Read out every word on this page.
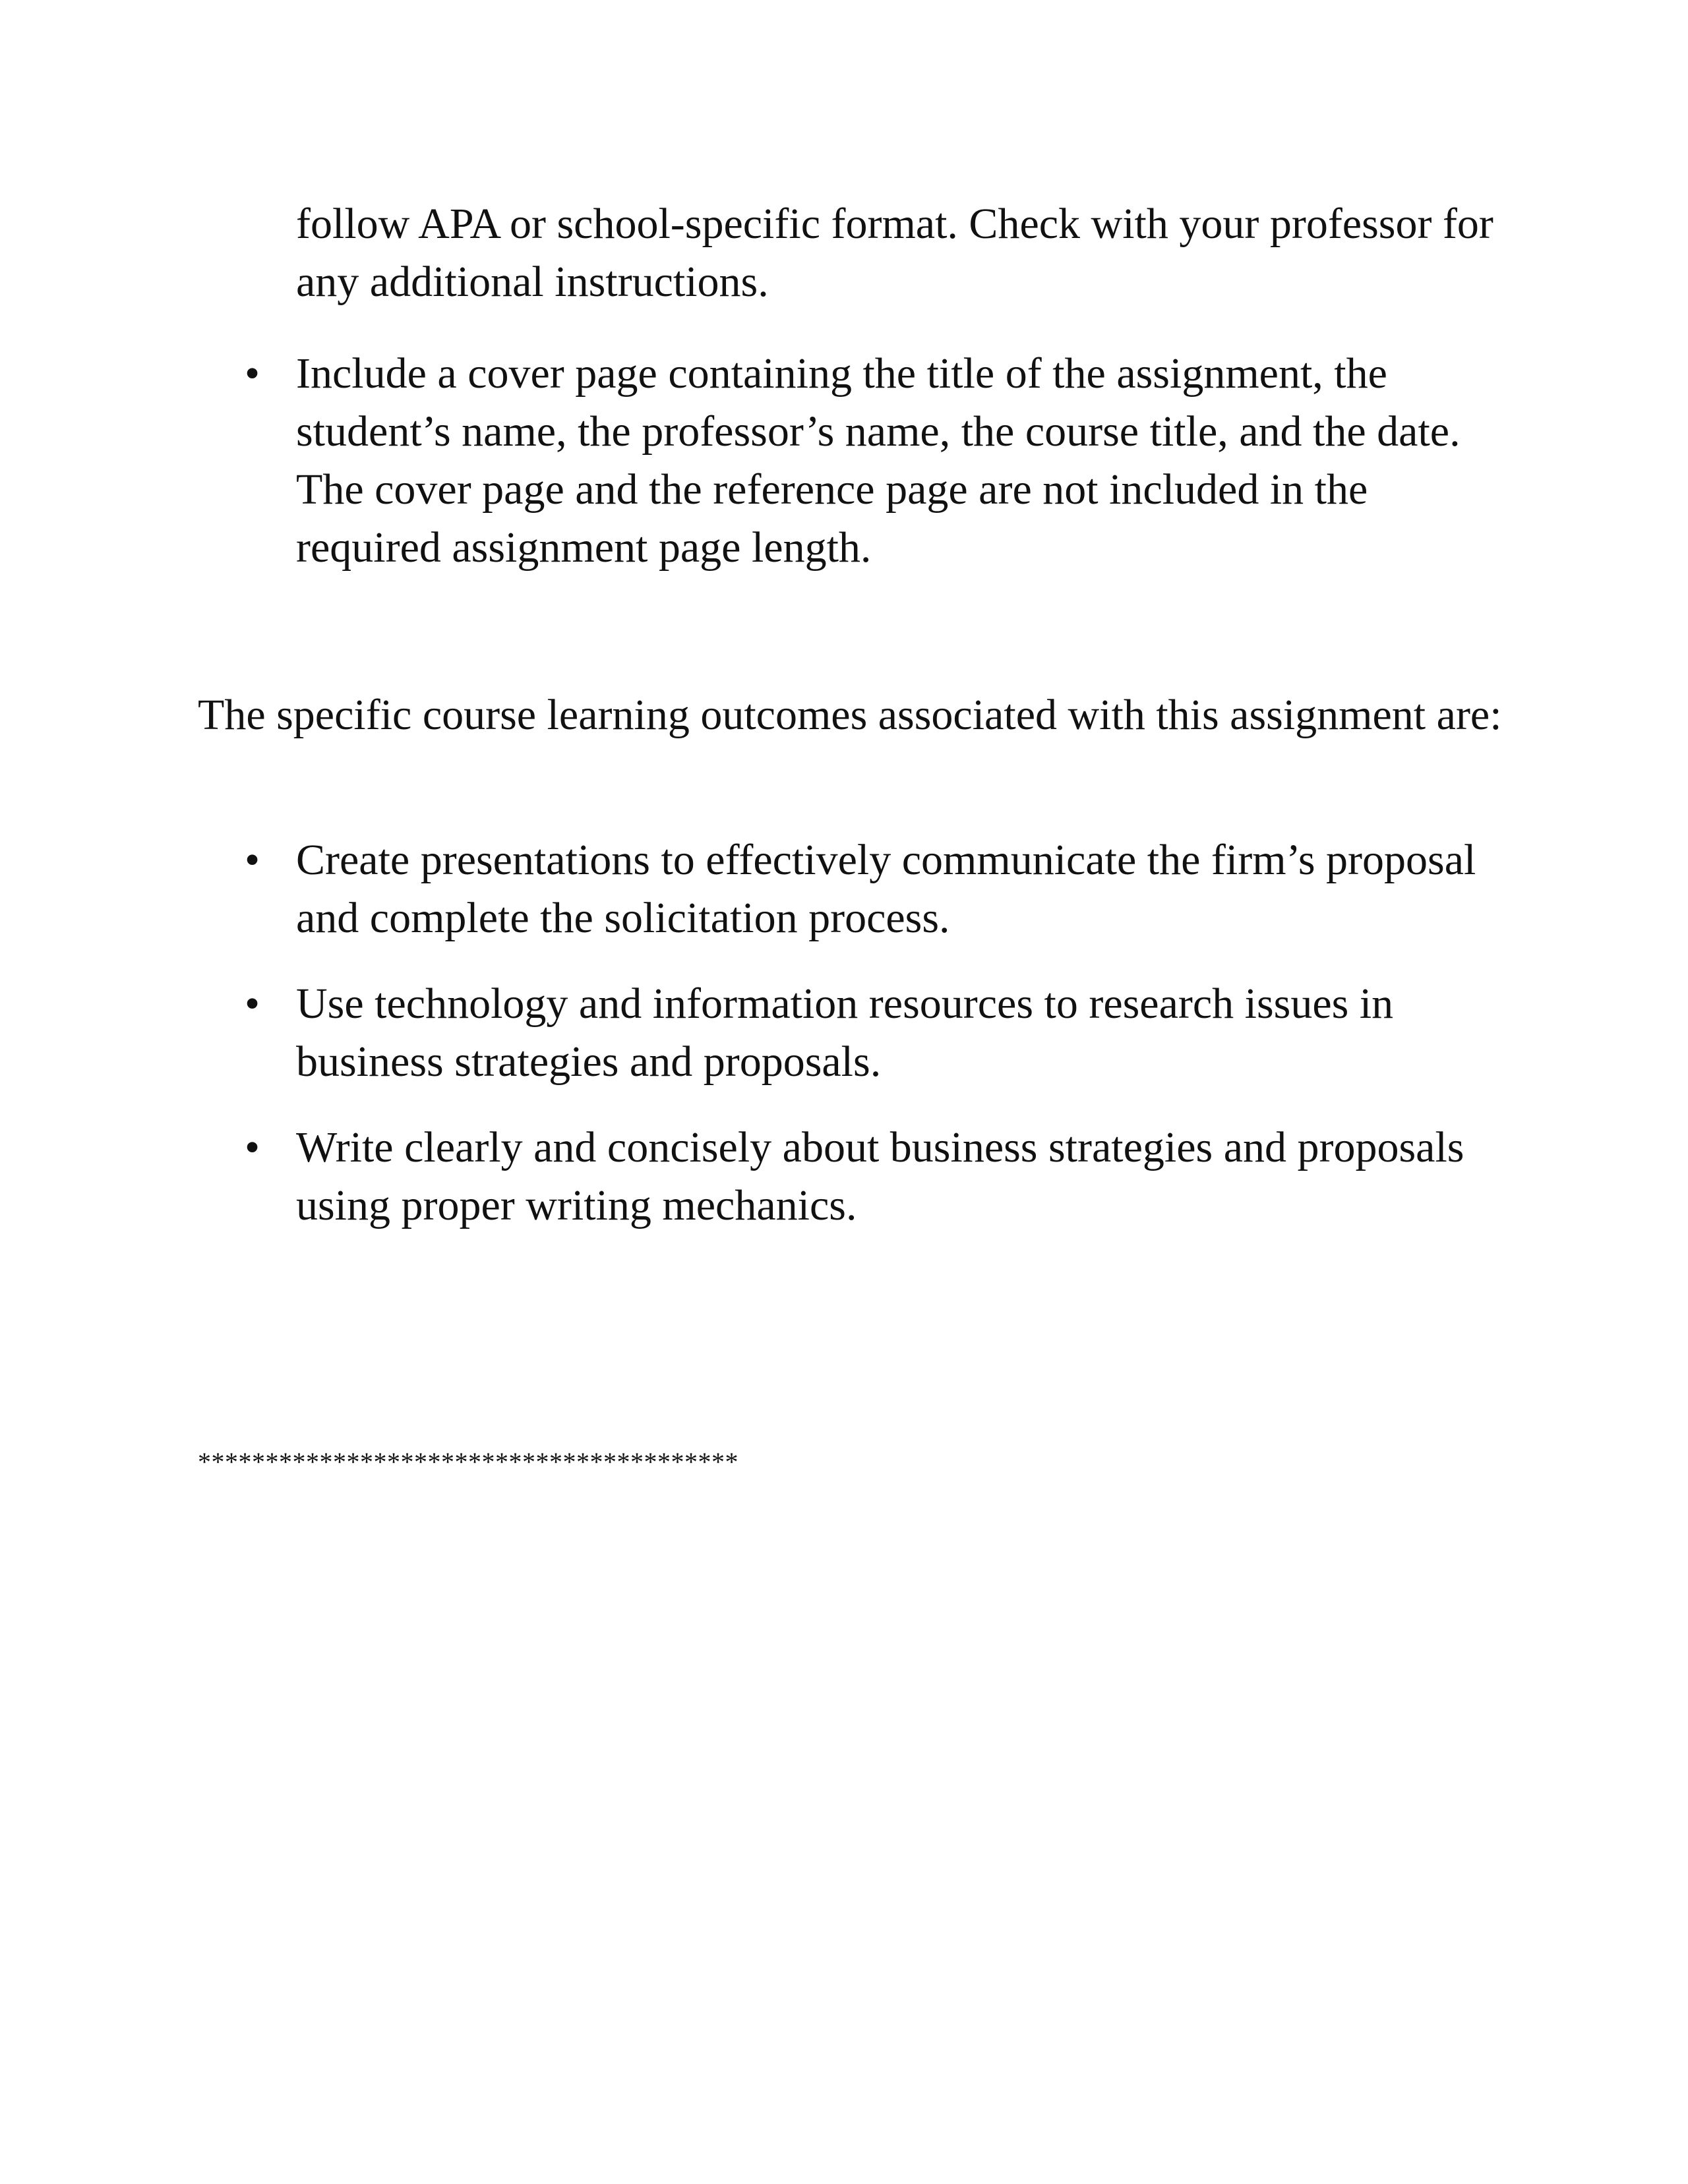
follow APA or school-specific format. Check with your professor for any additional instructions.

• Include a cover page containing the title of the assignment, the student’s name, the professor’s name, the course title, and the date. The cover page and the reference page are not included in the required assignment page length.

The specific course learning outcomes associated with this assignment are:

• Create presentations to effectively communicate the firm’s proposal and complete the solicitation process.

• Use technology and information resources to research issues in business strategies and proposals.

• Write clearly and concisely about business strategies and proposals using proper writing mechanics.

****************************************
